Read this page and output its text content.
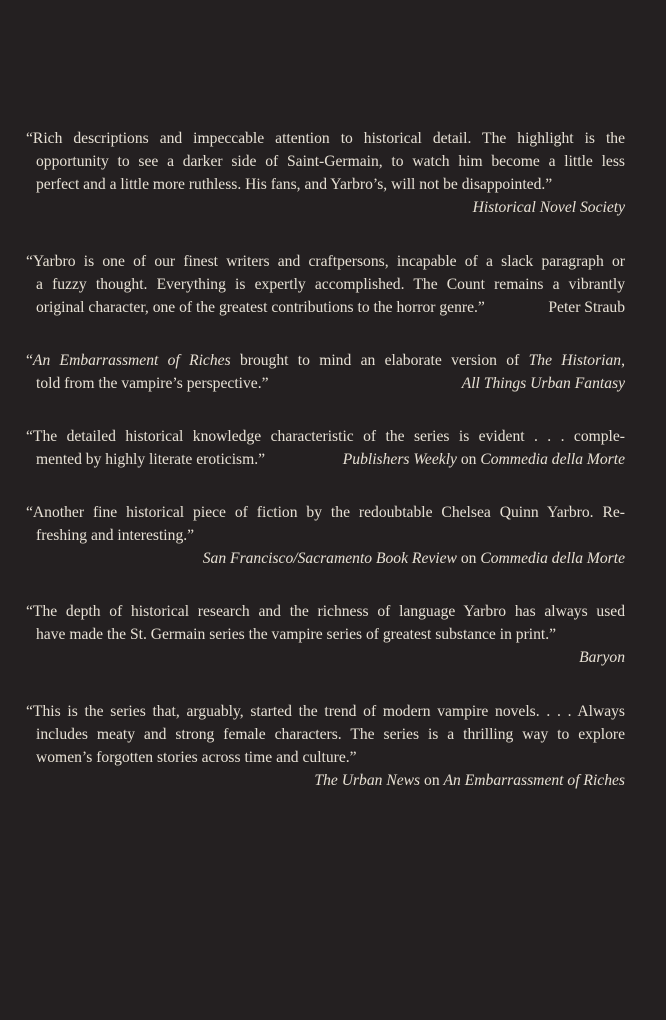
“Rich descriptions and impeccable attention to historical detail. The highlight is the
opportunity to see a darker side of Saint-Germain, to watch him become a little less
perfect and a little more ruthless. His fans, and Yarbro’s, will not be disappointed.”
Historical Novel Society
“Yarbro is one of our finest writers and craftpersons, incapable of a slack paragraph or
a fuzzy thought. Everything is expertly accomplished. The Count remains a vibrantly
original character, one of the greatest contributions to the horror genre.”	Peter Straub
“An Embarrassment of Riches brought to mind an elaborate version of The Historian,
told from the vampire’s perspective.”	All Things Urban Fantasy
“The detailed historical knowledge characteristic of the series is evident . . . comple-
mented by highly literate eroticism.”	Publishers Weekly on Commedia della Morte
“Another fine historical piece of fiction by the redoubtable Chelsea Quinn Yarbro. Re-
freshing and interesting.”
San Francisco/Sacramento Book Review on Commedia della Morte
“The depth of historical research and the richness of language Yarbro has always used
have made the St. Germain series the vampire series of greatest substance in print.”
Baryon
“This is the series that, arguably, started the trend of modern vampire novels. . . . Always
includes meaty and strong female characters. The series is a thrilling way to explore
women’s forgotten stories across time and culture.”
The Urban News on An Embarrassment of Riches
